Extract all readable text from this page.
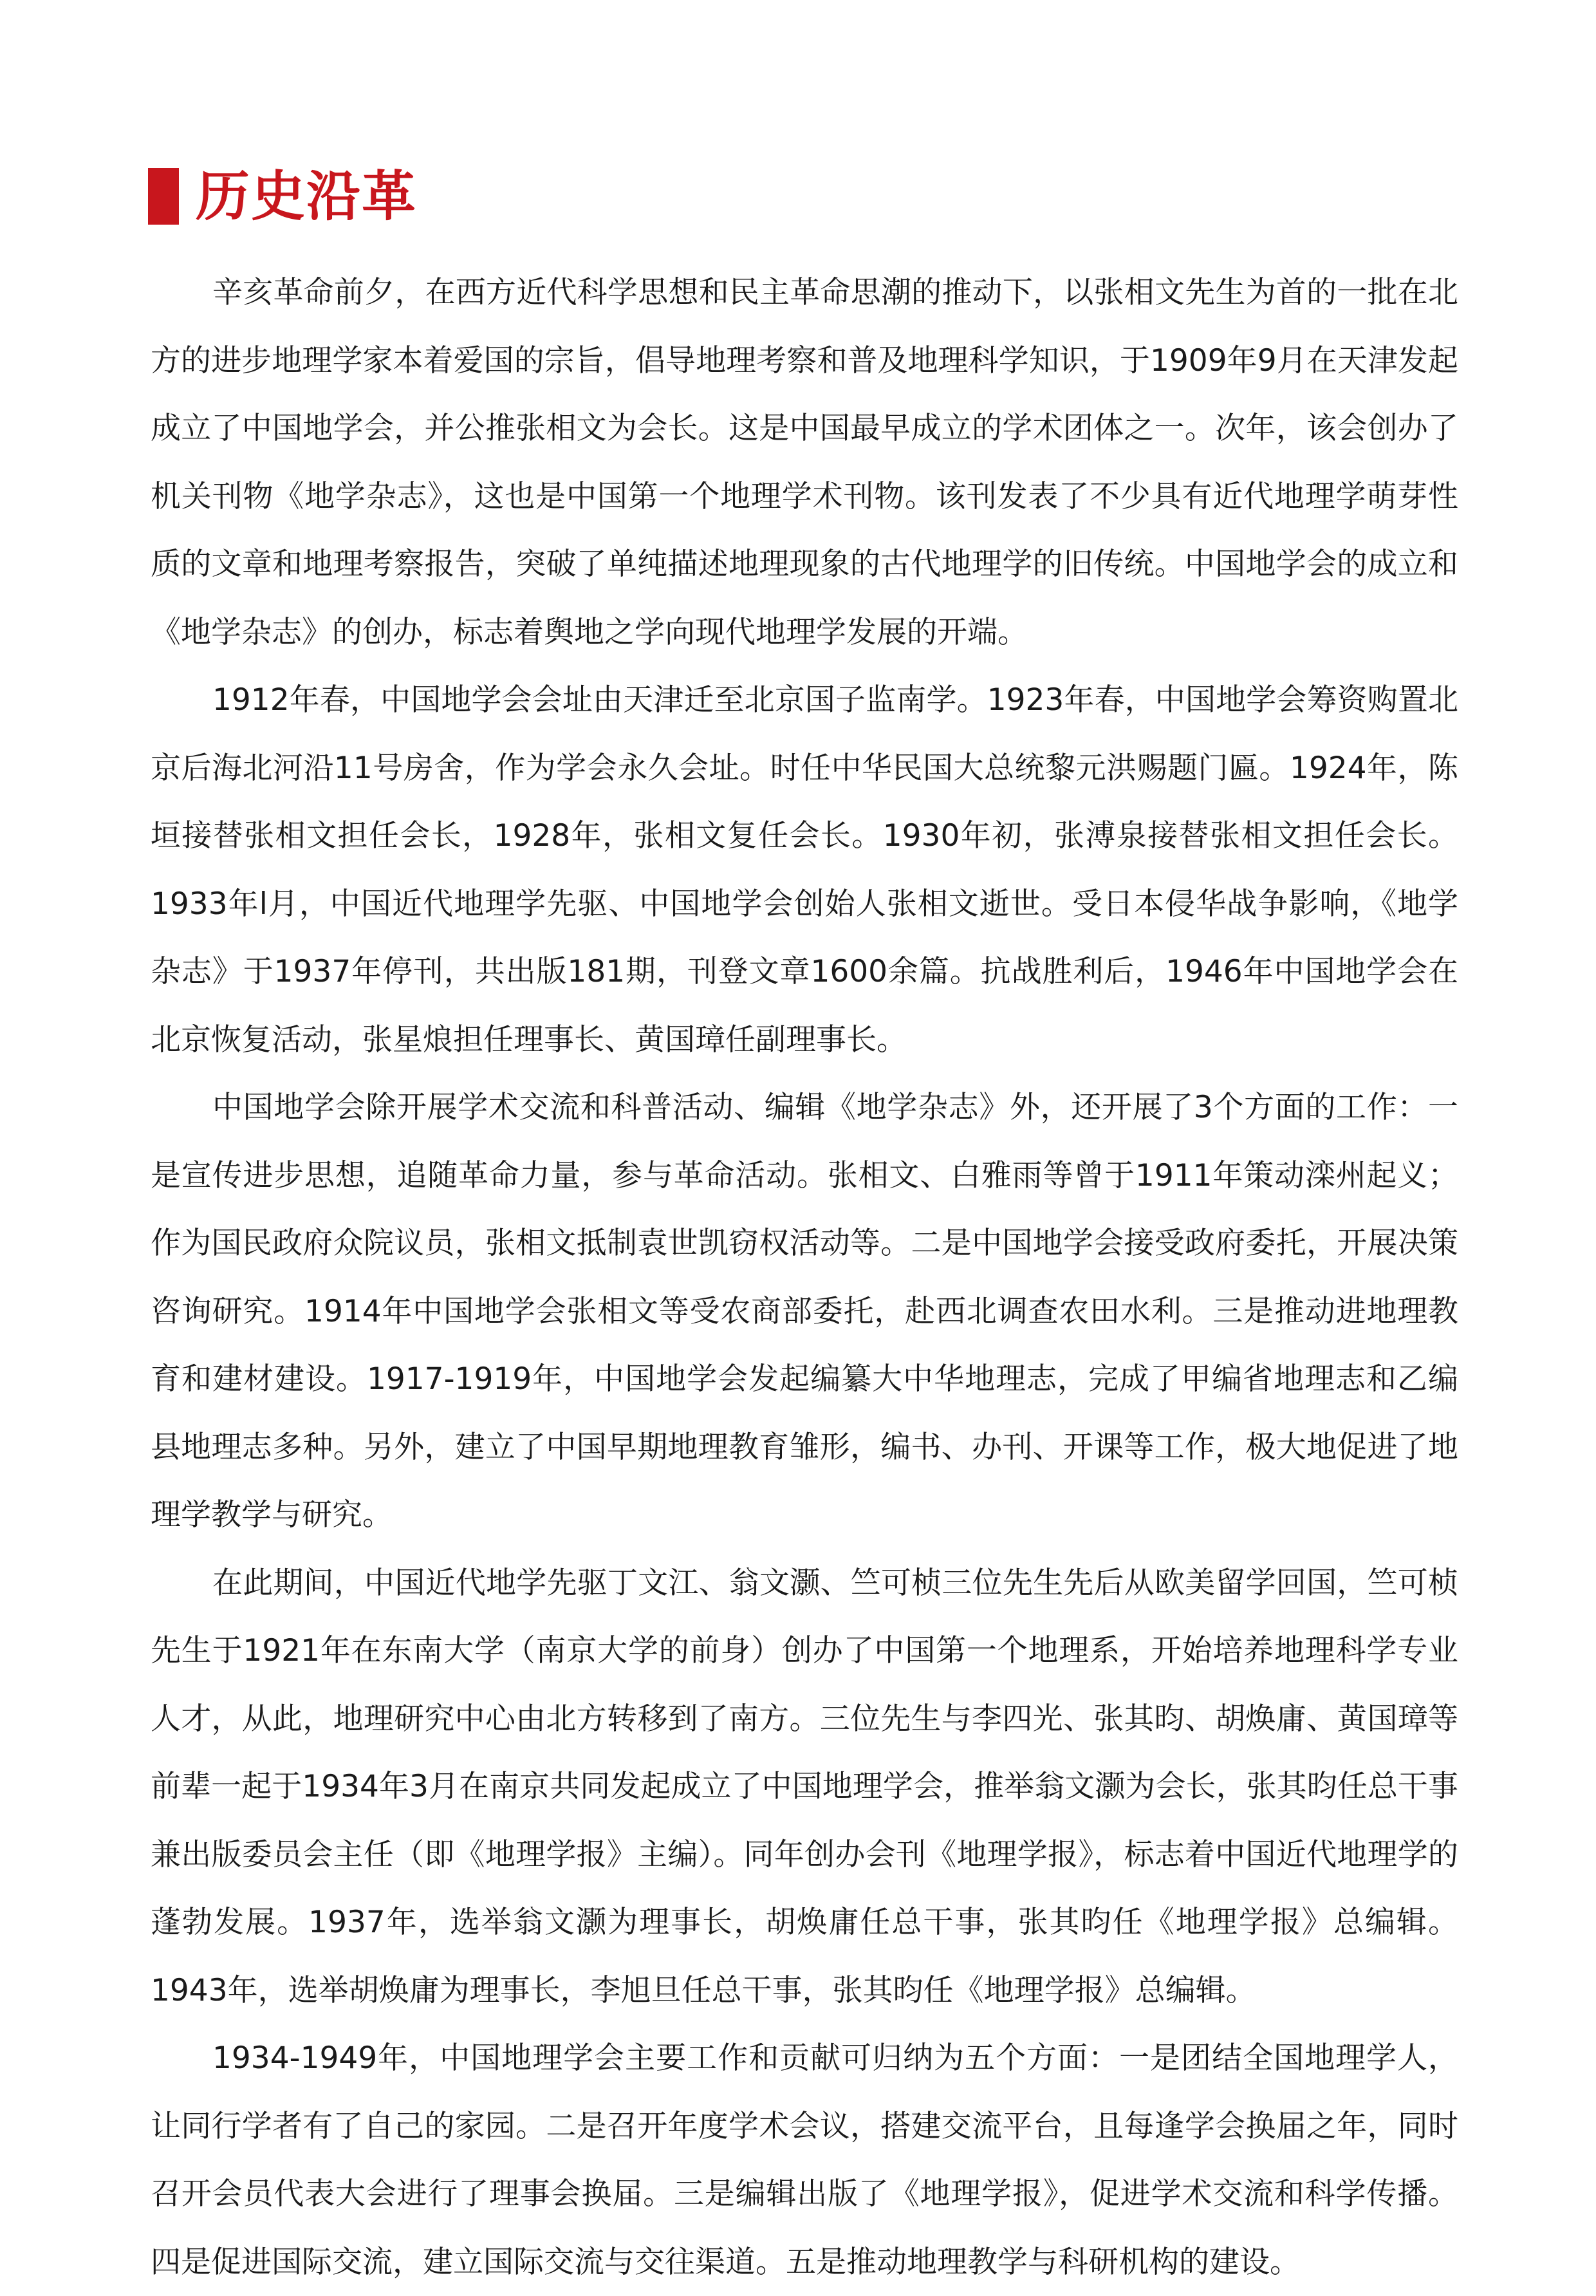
历史沿革

辛亥革命前夕，在西方近代科学思想和民主革命思潮的推动下，以张相文先生为首的一批在北方的进步地理学家本着爱国的宗旨，倡导地理考察和普及地理科学知识，于1909年9月在天津发起成立了中国地学会，并公推张相文为会长。这是中国最早成立的学术团体之一。次年，该会创办了机关刊物《地学杂志》，这也是中国第一个地理学术刊物。该刊发表了不少具有近代地理学萌芽性质的文章和地理考察报告，突破了单纯描述地理现象的古代地理学的旧传统。中国地学会的成立和《地学杂志》的创办，标志着舆地之学向现代地理学发展的开端。

1912年春，中国地学会会址由天津迁至北京国子监南学。1923年春，中国地学会筹资购置北京后海北河沿11号房舍，作为学会永久会址。时任中华民国大总统黎元洪赐题门匾。1924年，陈垣接替张相文担任会长，1928年，张相文复任会长。1930年初，张溥泉接替张相文担任会长。1933年l月，中国近代地理学先驱、中国地学会创始人张相文逝世。受日本侵华战争影响，《地学杂志》于1937年停刊，共出版181期，刊登文章1600余篇。抗战胜利后，1946年中国地学会在北京恢复活动，张星烺担任理事长、黄国璋任副理事长。

中国地学会除开展学术交流和科普活动、编辑《地学杂志》外，还开展了3个方面的工作：一是宣传进步思想，追随革命力量，参与革命活动。张相文、白雅雨等曾于1911年策动滦州起义；作为国民政府众院议员，张相文抵制袁世凯窃权活动等。二是中国地学会接受政府委托，开展决策咨询研究。1914年中国地学会张相文等受农商部委托，赴西北调查农田水利。三是推动进地理教育和建材建设。1917-1919年，中国地学会发起编纂大中华地理志，完成了甲编省地理志和乙编县地理志多种。另外，建立了中国早期地理教育雏形，编书、办刊、开课等工作，极大地促进了地理学教学与研究。

在此期间，中国近代地学先驱丁文江、翁文灏、竺可桢三位先生先后从欧美留学回国，竺可桢先生于1921年在东南大学（南京大学的前身）创办了中国第一个地理系，开始培养地理科学专业人才，从此，地理研究中心由北方转移到了南方。三位先生与李四光、张其昀、胡焕庸、黄国璋等前辈一起于1934年3月在南京共同发起成立了中国地理学会，推举翁文灏为会长，张其昀任总干事兼出版委员会主任（即《地理学报》主编）。同年创办会刊《地理学报》，标志着中国近代地理学的蓬勃发展。1937年，选举翁文灏为理事长，胡焕庸任总干事，张其昀任《地理学报》总编辑。1943年，选举胡焕庸为理事长，李旭旦任总干事，张其昀任《地理学报》总编辑。

1934-1949年，中国地理学会主要工作和贡献可归纳为五个方面：一是团结全国地理学人，让同行学者有了自己的家园。二是召开年度学术会议，搭建交流平台，且每逢学会换届之年，同时召开会员代表大会进行了理事会换届。三是编辑出版了《地理学报》，促进学术交流和科学传播。四是促进国际交流，建立国际交流与交往渠道。五是推动地理教学与科研机构的建设。
